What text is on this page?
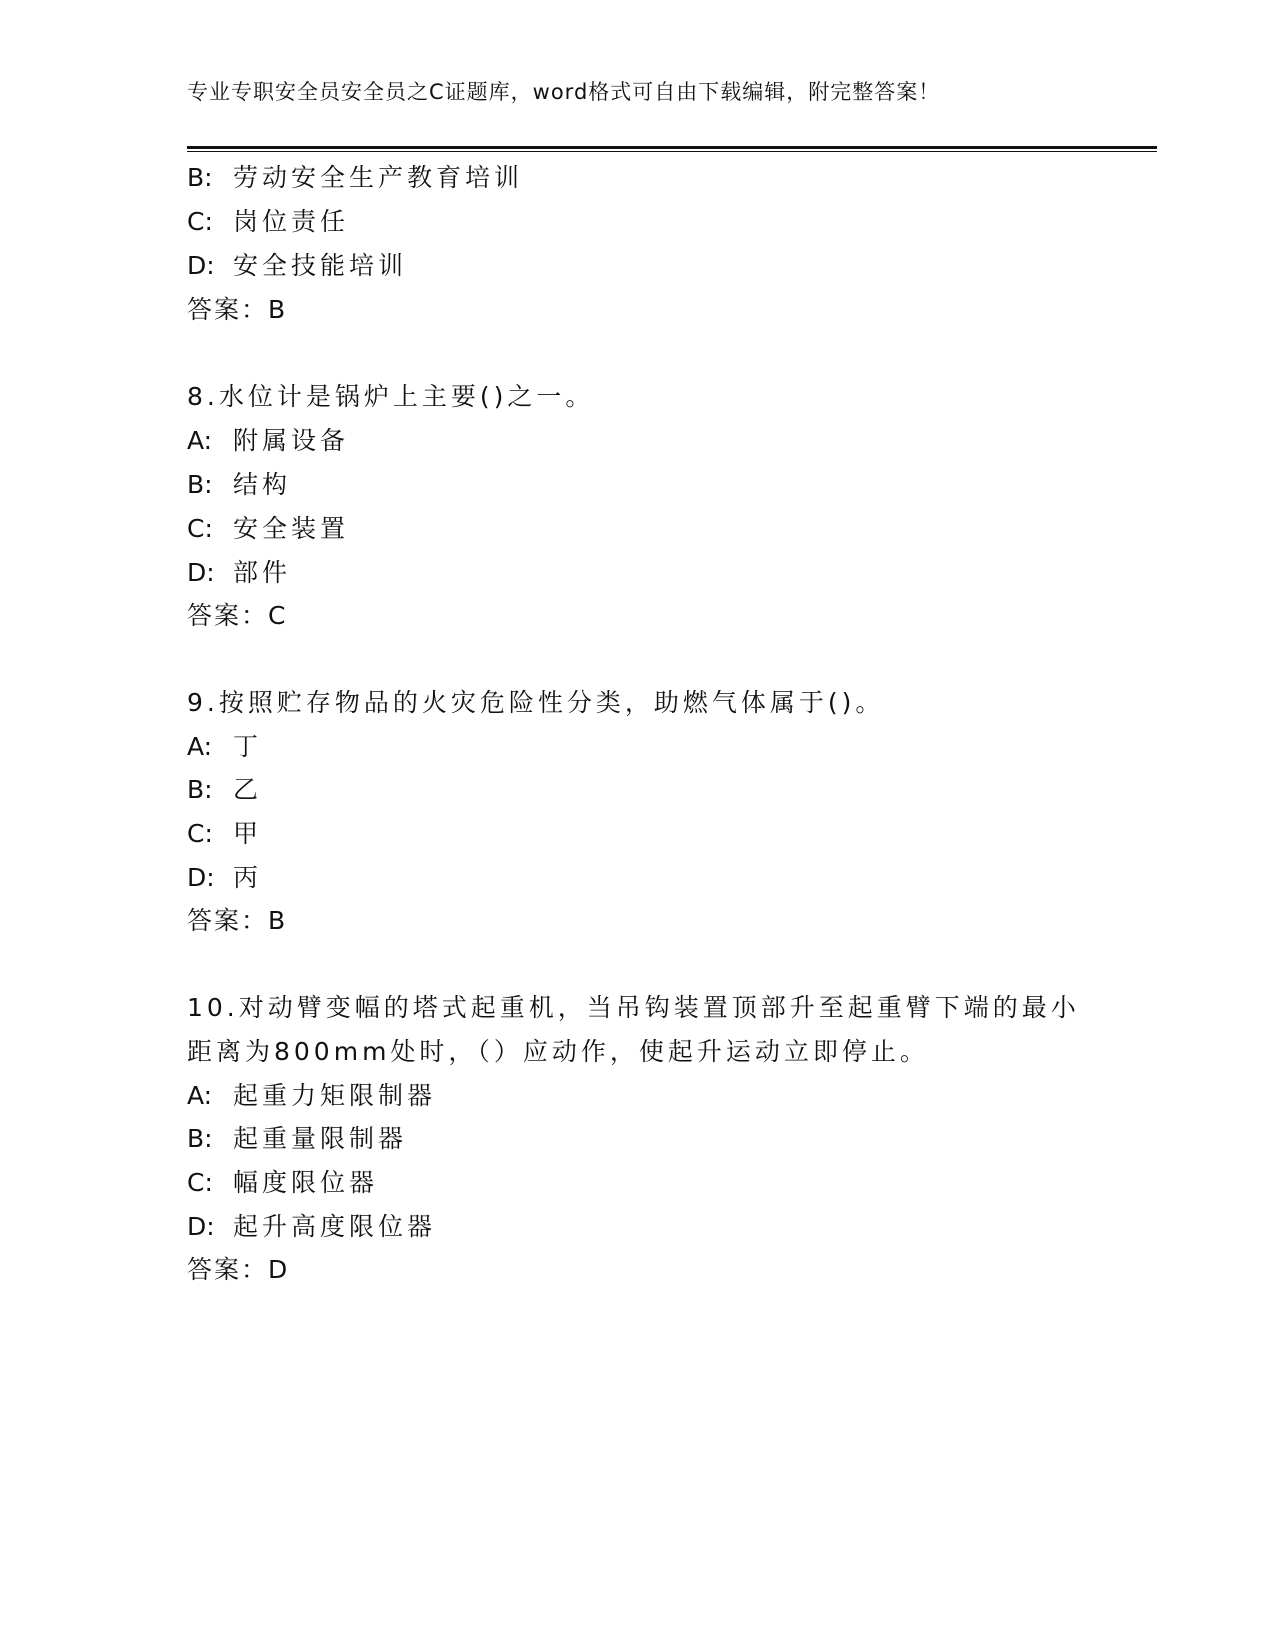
专业专职安全员安全员之C证题库，word格式可自由下载编辑，附完整答案！
B: 劳动安全生产教育培训
C: 岗位责任
D: 安全技能培训
答案：B
8.水位计是锅炉上主要()之一。
A: 附属设备
B: 结构
C: 安全装置
D: 部件
答案：C
9.按照贮存物品的火灾危险性分类，助燃气体属于()。
A: 丁
B: 乙
C: 甲
D: 丙
答案：B
10.对动臂变幅的塔式起重机，当吊钩装置顶部升至起重臂下端的最小
距离为800mm处时，（）应动作，使起升运动立即停止。
A: 起重力矩限制器
B: 起重量限制器
C: 幅度限位器
D: 起升高度限位器
答案：D
